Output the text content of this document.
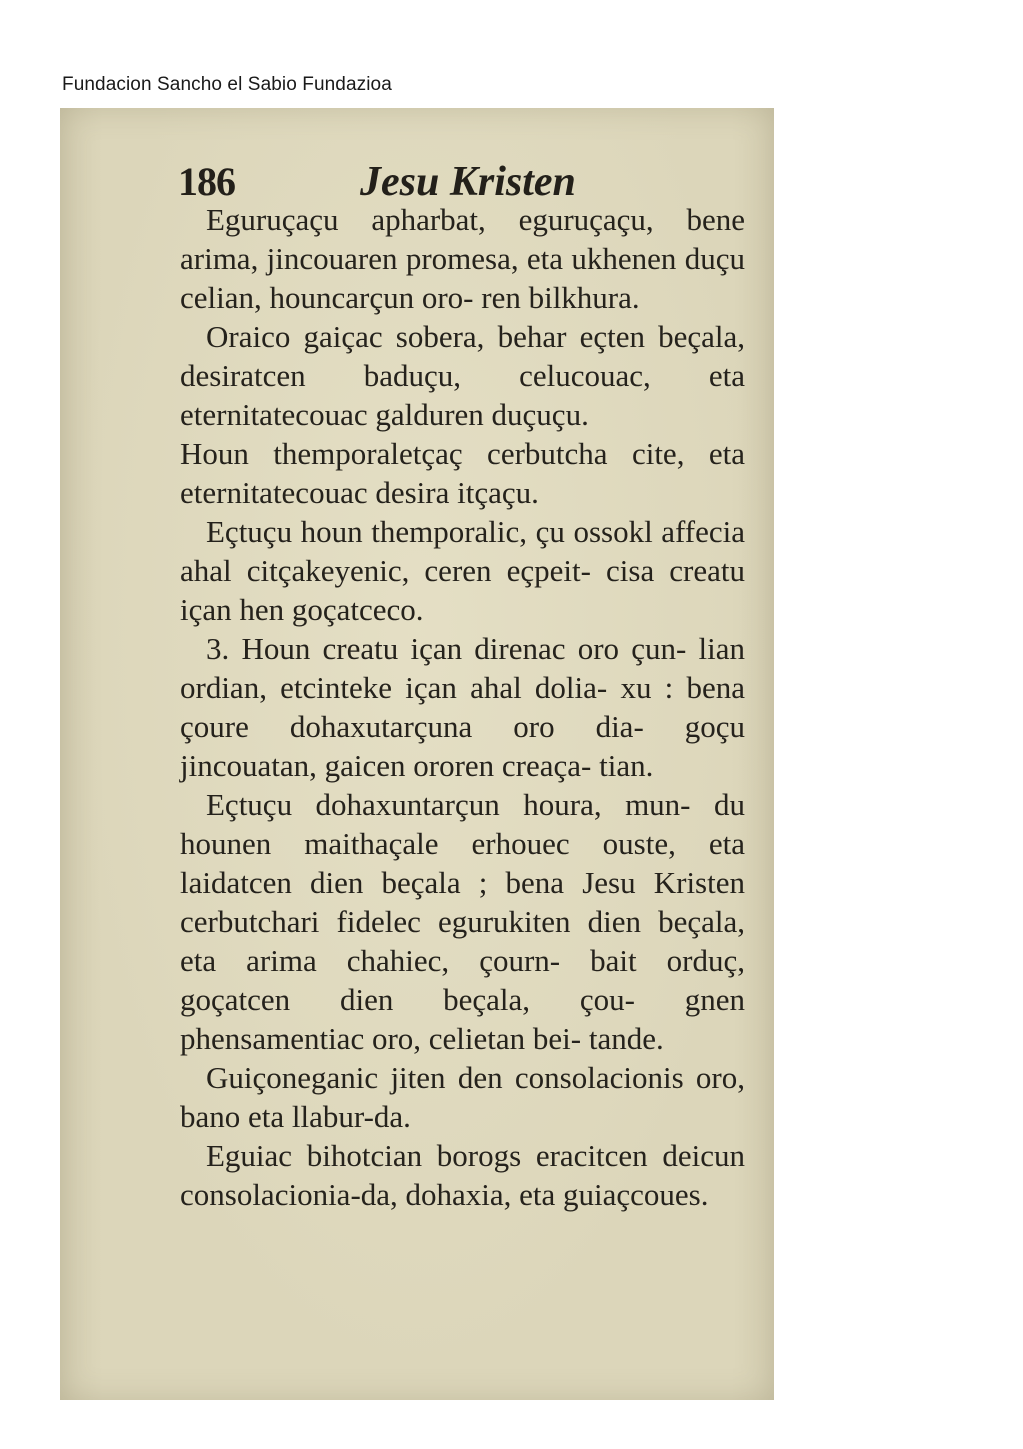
Fundacion Sancho el Sabio Fundazioa
186	Jesu Kristen

Eguruçaçu apharbat, eguruçaçu, bene arima, jincouaren promesa, eta ukhenen duçu celian, houncarçun oro- ren bilkhura.

Oraico gaiçac sobera, behar eçten beçala, desiratcen baduçu, celucouac, eta eternitatecouac galduren duçuçu.

Houn themporaletçaç cerbutcha cite, eta eternitatecouac desira itçaçu.

Eçtuçu houn themporalic, çu ossokl affecia ahal citçakeyenic, ceren eçpeit- cisa creatu içan hen goçatceco.

3. Houn creatu içan direnac oro çun- lian ordian, etcinteke içan ahal dolia- xu : bena çoure dohaxutarçuna oro dia- goçu jincouatan, gaicen ororen creaça- tian.

Eçtuçu dohaxuntarçun houra, mun- du hounen maithaçale erhouec ouste, eta laidatcen dien beçala ; bena Jesu Kristen cerbutchari fidelec egurukiten dien beçala, eta arima chahiec, çourn- bait orduç, goçatcen dien beçala, çou- gnen phensamentiac oro, celietan bei- tande.

Guiçoneganic jiten den consolacionis oro, bano eta llabur-da.

Eguiac bihotcian borogs eracitcen deicun consolacionia-da, dohaxia, eta guiaçcoues.
